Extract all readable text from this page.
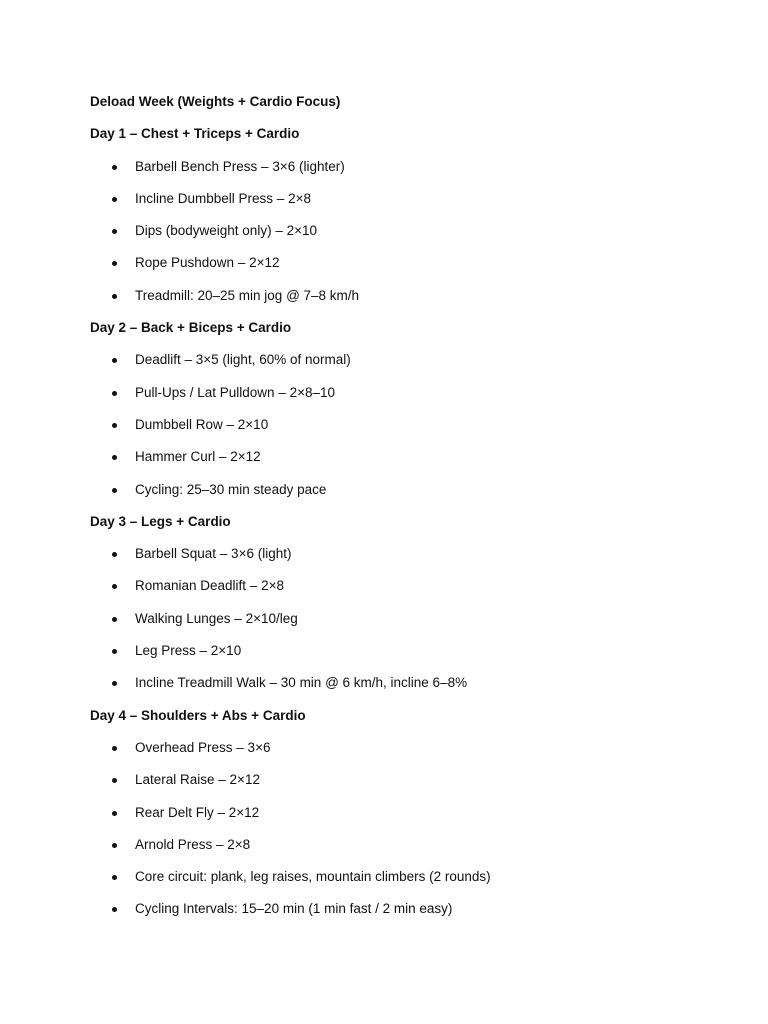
Deload Week (Weights + Cardio Focus)
Day 1 – Chest + Triceps + Cardio
Barbell Bench Press – 3×6 (lighter)
Incline Dumbbell Press – 2×8
Dips (bodyweight only) – 2×10
Rope Pushdown – 2×12
Treadmill: 20–25 min jog @ 7–8 km/h
Day 2 – Back + Biceps + Cardio
Deadlift – 3×5 (light, 60% of normal)
Pull-Ups / Lat Pulldown – 2×8–10
Dumbbell Row – 2×10
Hammer Curl – 2×12
Cycling: 25–30 min steady pace
Day 3 – Legs + Cardio
Barbell Squat – 3×6 (light)
Romanian Deadlift – 2×8
Walking Lunges – 2×10/leg
Leg Press – 2×10
Incline Treadmill Walk – 30 min @ 6 km/h, incline 6–8%
Day 4 – Shoulders + Abs + Cardio
Overhead Press – 3×6
Lateral Raise – 2×12
Rear Delt Fly – 2×12
Arnold Press – 2×8
Core circuit: plank, leg raises, mountain climbers (2 rounds)
Cycling Intervals: 15–20 min (1 min fast / 2 min easy)
